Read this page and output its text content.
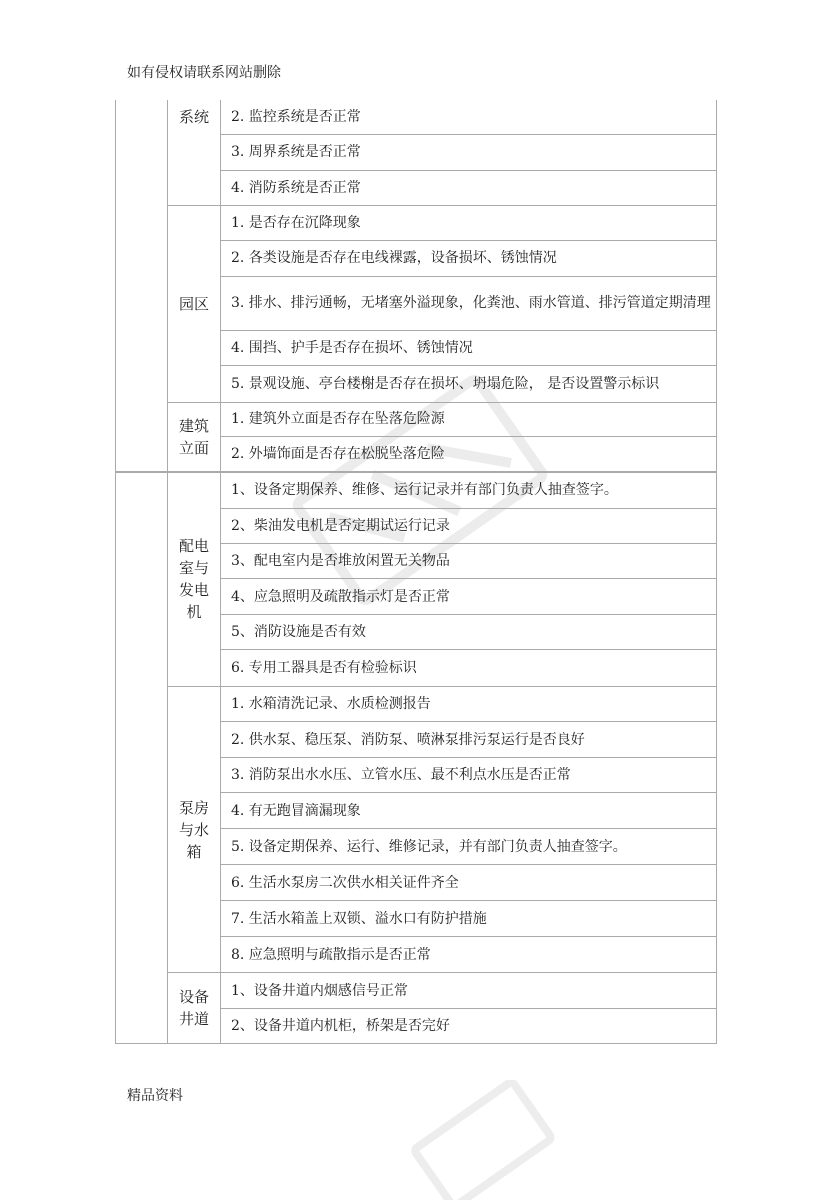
如有侵权请联系网站删除
	系统	2. 监控系统是否正常
		3. 周界系统是否正常
		4. 消防系统是否正常
	园区	1. 是否存在沉降现象
		2. 各类设施是否存在电线裸露，设备损坏、锈蚀情况
		3. 排水、排污通畅，无堵塞外溢现象，化粪池、雨水管道、排污管道定期清理
		4. 围挡、护手是否存在损坏、锈蚀情况
		5. 景观设施、亭台楼榭是否存在损坏、坍塌危险， 是否设置警示标识
	建筑立面	1. 建筑外立面是否存在坠落危险源
		2. 外墙饰面是否存在松脱坠落危险
	配电室与发电机	1、设备定期保养、维修、运行记录并有部门负责人抽查签字。
		2、柴油发电机是否定期试运行记录
		3、配电室内是否堆放闲置无关物品
		4、应急照明及疏散指示灯是否正常
		5、消防设施是否有效
		6. 专用工器具是否有检验标识
	泵房与水箱	1. 水箱清洗记录、水质检测报告
		2. 供水泵、稳压泵、消防泵、喷淋泵排污泵运行是否良好
		3. 消防泵出水水压、立管水压、最不利点水压是否正常
		4. 有无跑冒滴漏现象
		5. 设备定期保养、运行、维修记录，并有部门负责人抽查签字。
		6. 生活水泵房二次供水相关证件齐全
		7. 生活水箱盖上双锁、溢水口有防护措施
		8. 应急照明与疏散指示是否正常
	设备井道	1、设备井道内烟感信号正常
		2、设备井道内机柜，桥架是否完好
精品资料
